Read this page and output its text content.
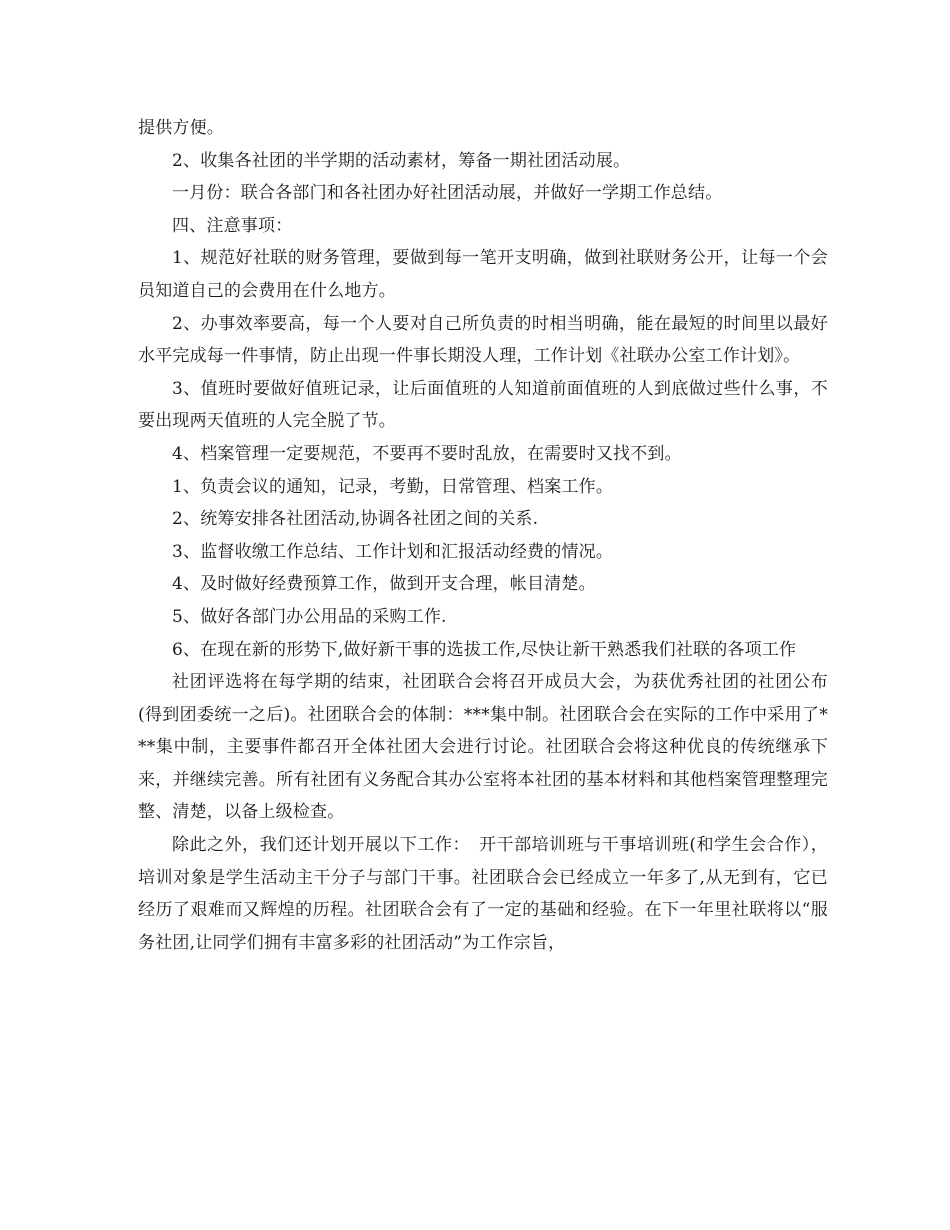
提供方便。

2、收集各社团的半学期的活动素材，筹备一期社团活动展。

一月份：联合各部门和各社团办好社团活动展，并做好一学期工作总结。

四、注意事项：

1、规范好社联的财务管理，要做到每一笔开支明确，做到社联财务公开，让每一个会员知道自己的会费用在什么地方。

2、办事效率要高，每一个人要对自己所负责的时相当明确，能在最短的时间里以最好水平完成每一件事情，防止出现一件事长期没人理，工作计划《社联办公室工作计划》。

3、值班时要做好值班记录，让后面值班的人知道前面值班的人到底做过些什么事，不要出现两天值班的人完全脱了节。

4、档案管理一定要规范，不要再不要时乱放，在需要时又找不到。

1、负责会议的通知，记录，考勤，日常管理、档案工作。

2、统筹安排各社团活动,协调各社团之间的关系.

3、监督收缴工作总结、工作计划和汇报活动经费的情况。

4、及时做好经费预算工作，做到开支合理，帐目清楚。

5、做好各部门办公用品的采购工作.

6、在现在新的形势下,做好新干事的选拔工作,尽快让新干熟悉我们社联的各项工作

社团评选将在每学期的结束，社团联合会将召开成员大会，为获优秀社团的社团公布(得到团委统一之后)。社团联合会的体制：***集中制。社团联合会在实际的工作中采用了***集中制，主要事件都召开全体社团大会进行讨论。社团联合会将这种优良的传统继承下来，并继续完善。所有社团有义务配合其办公室将本社团的基本材料和其他档案管理整理完整、清楚，以备上级检查。

除此之外，我们还计划开展以下工作：　开干部培训班与干事培训班(和学生会合作），培训对象是学生活动主干分子与部门干事。社团联合会已经成立一年多了,从无到有，它已经历了艰难而又辉煌的历程。社团联合会有了一定的基础和经验。在下一年里社联将以“服务社团,让同学们拥有丰富多彩的社团活动”为工作宗旨，
